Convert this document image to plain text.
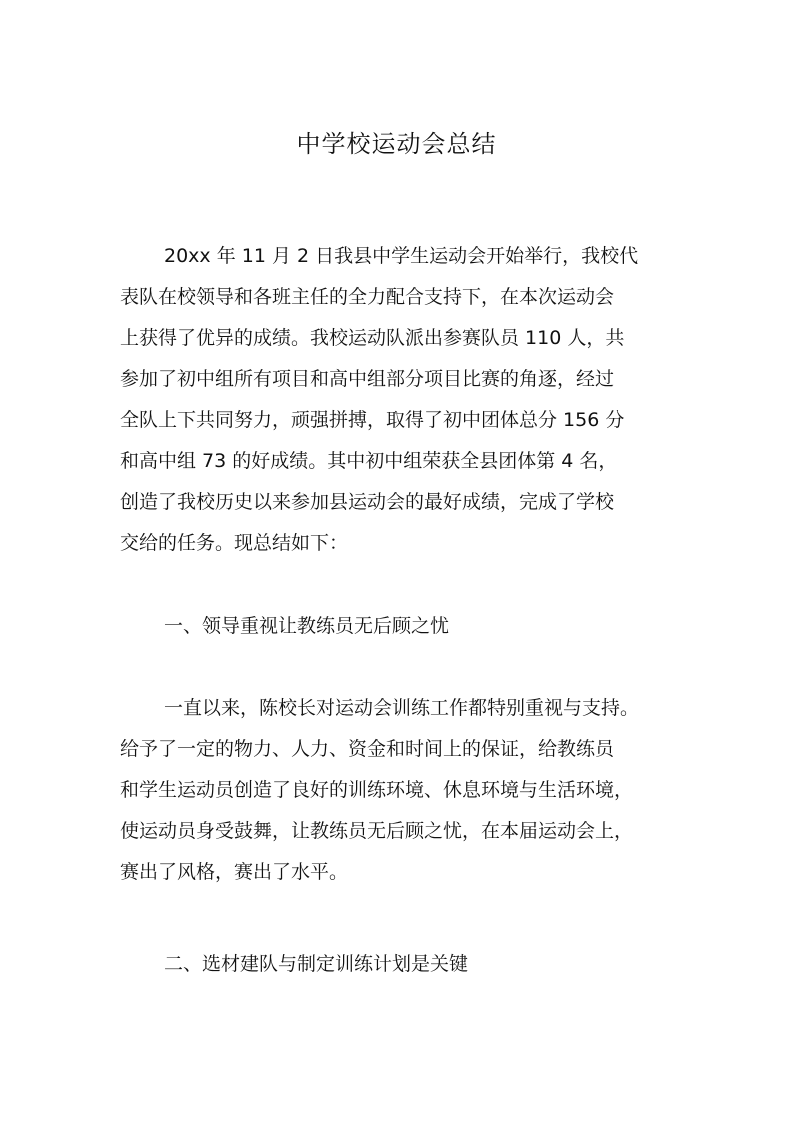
中学校运动会总结
20xx 年 11 月 2 日我县中学生运动会开始举行，我校代
表队在校领导和各班主任的全力配合支持下，在本次运动会
上获得了优异的成绩。我校运动队派出参赛队员 110 人，共
参加了初中组所有项目和高中组部分项目比赛的角逐，经过
全队上下共同努力，顽强拼搏，取得了初中团体总分 156 分
和高中组 73 的好成绩。其中初中组荣获全县团体第 4 名，
创造了我校历史以来参加县运动会的最好成绩，完成了学校
交给的任务。现总结如下：
一、领导重视让教练员无后顾之忧
一直以来，陈校长对运动会训练工作都特别重视与支持。
给予了一定的物力、人力、资金和时间上的保证，给教练员
和学生运动员创造了良好的训练环境、休息环境与生活环境，
使运动员身受鼓舞，让教练员无后顾之忧，在本届运动会上，
赛出了风格，赛出了水平。
二、选材建队与制定训练计划是关键
